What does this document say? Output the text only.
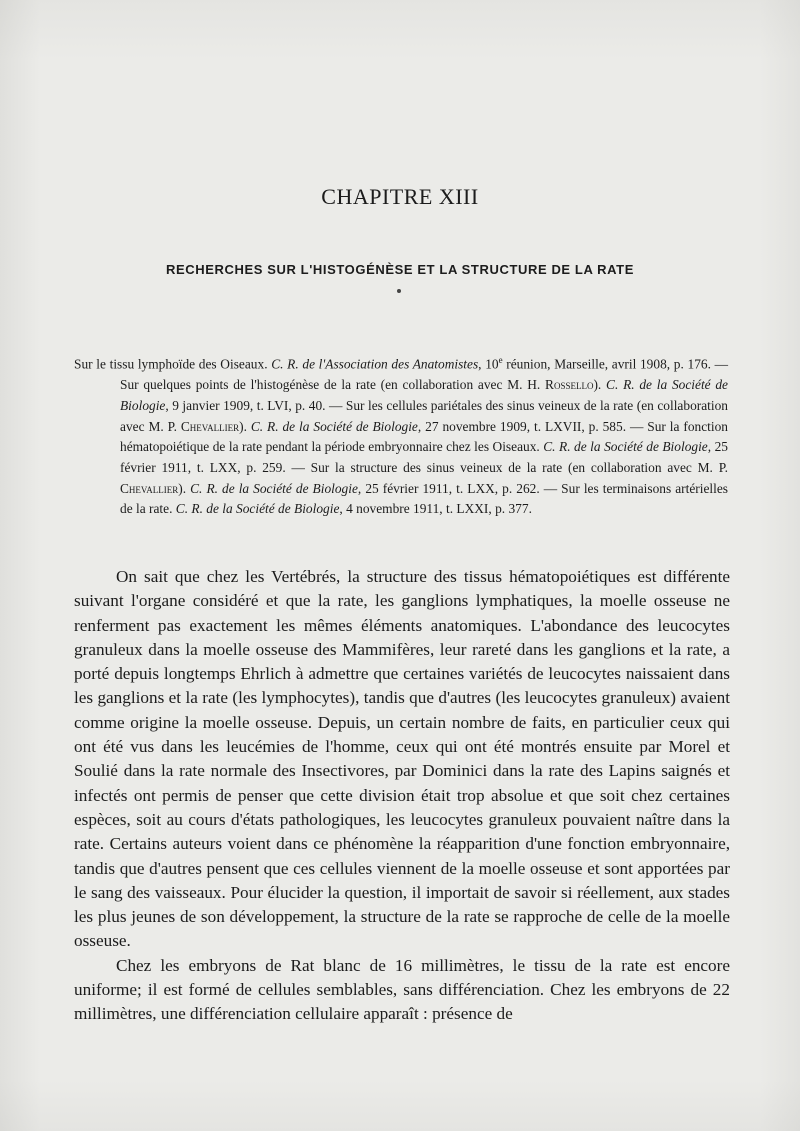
CHAPITRE XIII
RECHERCHES SUR L'HISTOGÉNÈSE ET LA STRUCTURE DE LA RATE

Sur le tissu lymphoïde des Oiseaux. C. R. de l'Association des Anatomistes, 10e réunion, Marseille, avril 1908, p. 176. — Sur quelques points de l'histogénèse de la rate (en collaboration avec M. H. Rossello). C. R. de la Société de Biologie, 9 janvier 1909, t. LVI, p. 40. — Sur les cellules pariétales des sinus veineux de la rate (en collaboration avec M. P. Chevallier). C. R. de la Société de Biologie, 27 novembre 1909, t. LXVII, p. 585. — Sur la fonction hématopoiétique de la rate pendant la période embryonnaire chez les Oiseaux. C. R. de la Société de Biologie, 25 février 1911, t. LXX, p. 259. — Sur la structure des sinus veineux de la rate (en collaboration avec M. P. Chevallier). C. R. de la Société de Biologie, 25 février 1911, t. LXX, p. 262. — Sur les terminaisons artérielles de la rate. C. R. de la Société de Biologie, 4 novembre 1911, t. LXXI, p. 377.

On sait que chez les Vertébrés, la structure des tissus hématopoiétiques est différente suivant l'organe considéré et que la rate, les ganglions lymphatiques, la moelle osseuse ne renferment pas exactement les mêmes éléments anatomiques. L'abondance des leucocytes granuleux dans la moelle osseuse des Mammifères, leur rareté dans les ganglions et la rate, a porté depuis longtemps Ehrlich à admettre que certaines variétés de leucocytes naissaient dans les ganglions et la rate (les lymphocytes), tandis que d'autres (les leucocytes granuleux) avaient comme origine la moelle osseuse. Depuis, un certain nombre de faits, en particulier ceux qui ont été vus dans les leucémies de l'homme, ceux qui ont été montrés ensuite par Morel et Soulié dans la rate normale des Insectivores, par Dominici dans la rate des Lapins saignés et infectés ont permis de penser que cette division était trop absolue et que soit chez certaines espèces, soit au cours d'états pathologiques, les leucocytes granuleux pouvaient naître dans la rate. Certains auteurs voient dans ce phénomène la réapparition d'une fonction embryonnaire, tandis que d'autres pensent que ces cellules viennent de la moelle osseuse et sont apportées par le sang des vaisseaux. Pour élucider la question, il importait de savoir si réellement, aux stades les plus jeunes de son développement, la structure de la rate se rapproche de celle de la moelle osseuse.

Chez les embryons de Rat blanc de 16 millimètres, le tissu de la rate est encore uniforme; il est formé de cellules semblables, sans différenciation. Chez les embryons de 22 millimètres, une différenciation cellulaire apparaît : présence de
